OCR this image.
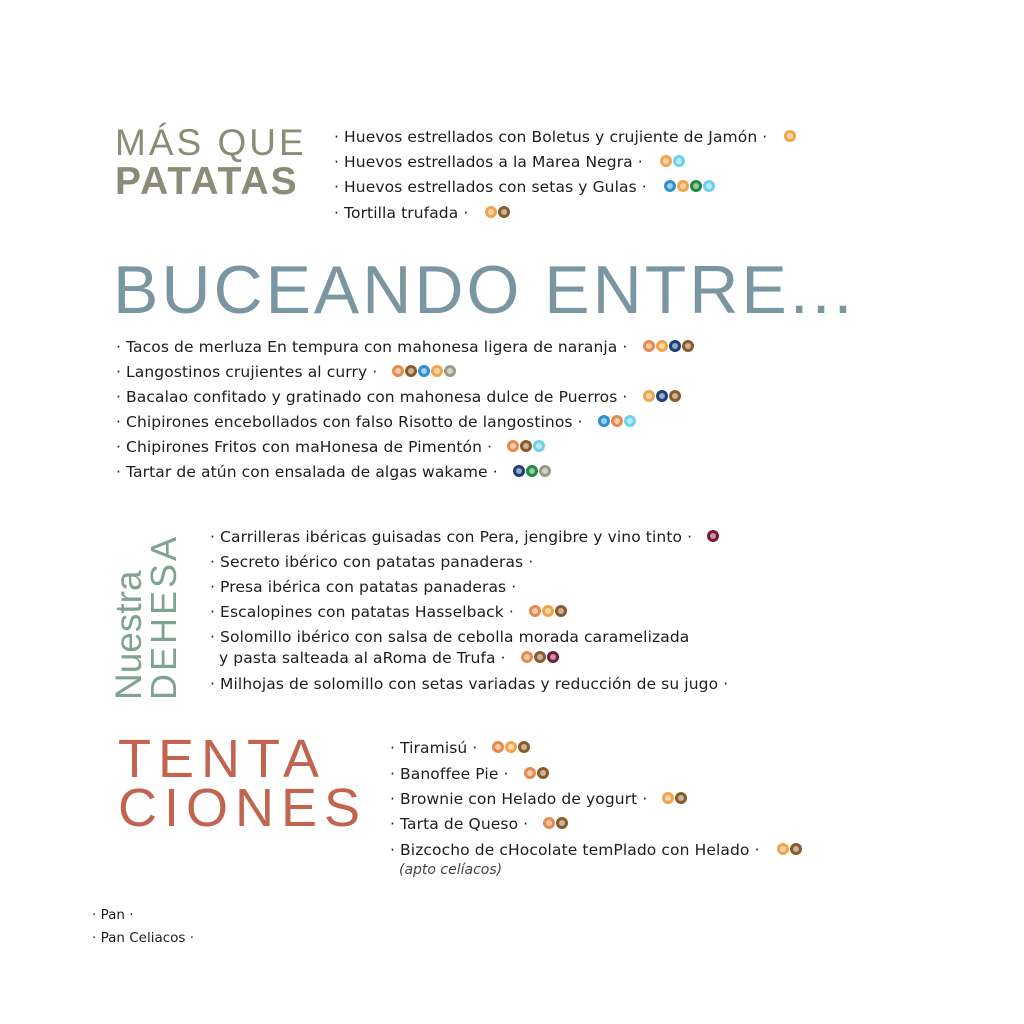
MÁS QUE
PATATAS
· Huevos estrellados con Boletus y crujiente de Jamón ·
· Huevos estrellados a la Marea Negra ·
· Huevos estrellados con setas y Gulas ·
· Tortilla trufada ·
BUCEANDO ENTRE...
· Tacos de merluza En tempura con mahonesa ligera de naranja ·
· Langostinos crujientes al curry ·
· Bacalao confitado y gratinado con mahonesa dulce de Puerros ·
· Chipirones encebollados con falso Risotto de langostinos ·
· Chipirones Fritos con maHonesa de Pimentón ·
· Tartar de atún con ensalada de algas wakame ·
Nuestra
DEHESA · Carrilleras ibéricas guisadas con Pera, jengibre y vino tinto ·
· Secreto ibérico con patatas panaderas ·
· Presa ibérica con patatas panaderas ·
· Escalopines con patatas Hasselback ·
· Solomillo ibérico con salsa de cebolla morada caramelizada
y pasta salteada al aRoma de Trufa ·
· Milhojas de solomillo con setas variadas y reducción de su jugo ·
TENTA
CIONES
· Tiramisú ·
· Banoffee Pie ·
· Brownie con Helado de yogurt ·
· Tarta de Queso ·
· Bizcocho de cHocolate temPlado con Helado ·
(apto celíacos)
· Pan ·
· Pan Celiacos ·
